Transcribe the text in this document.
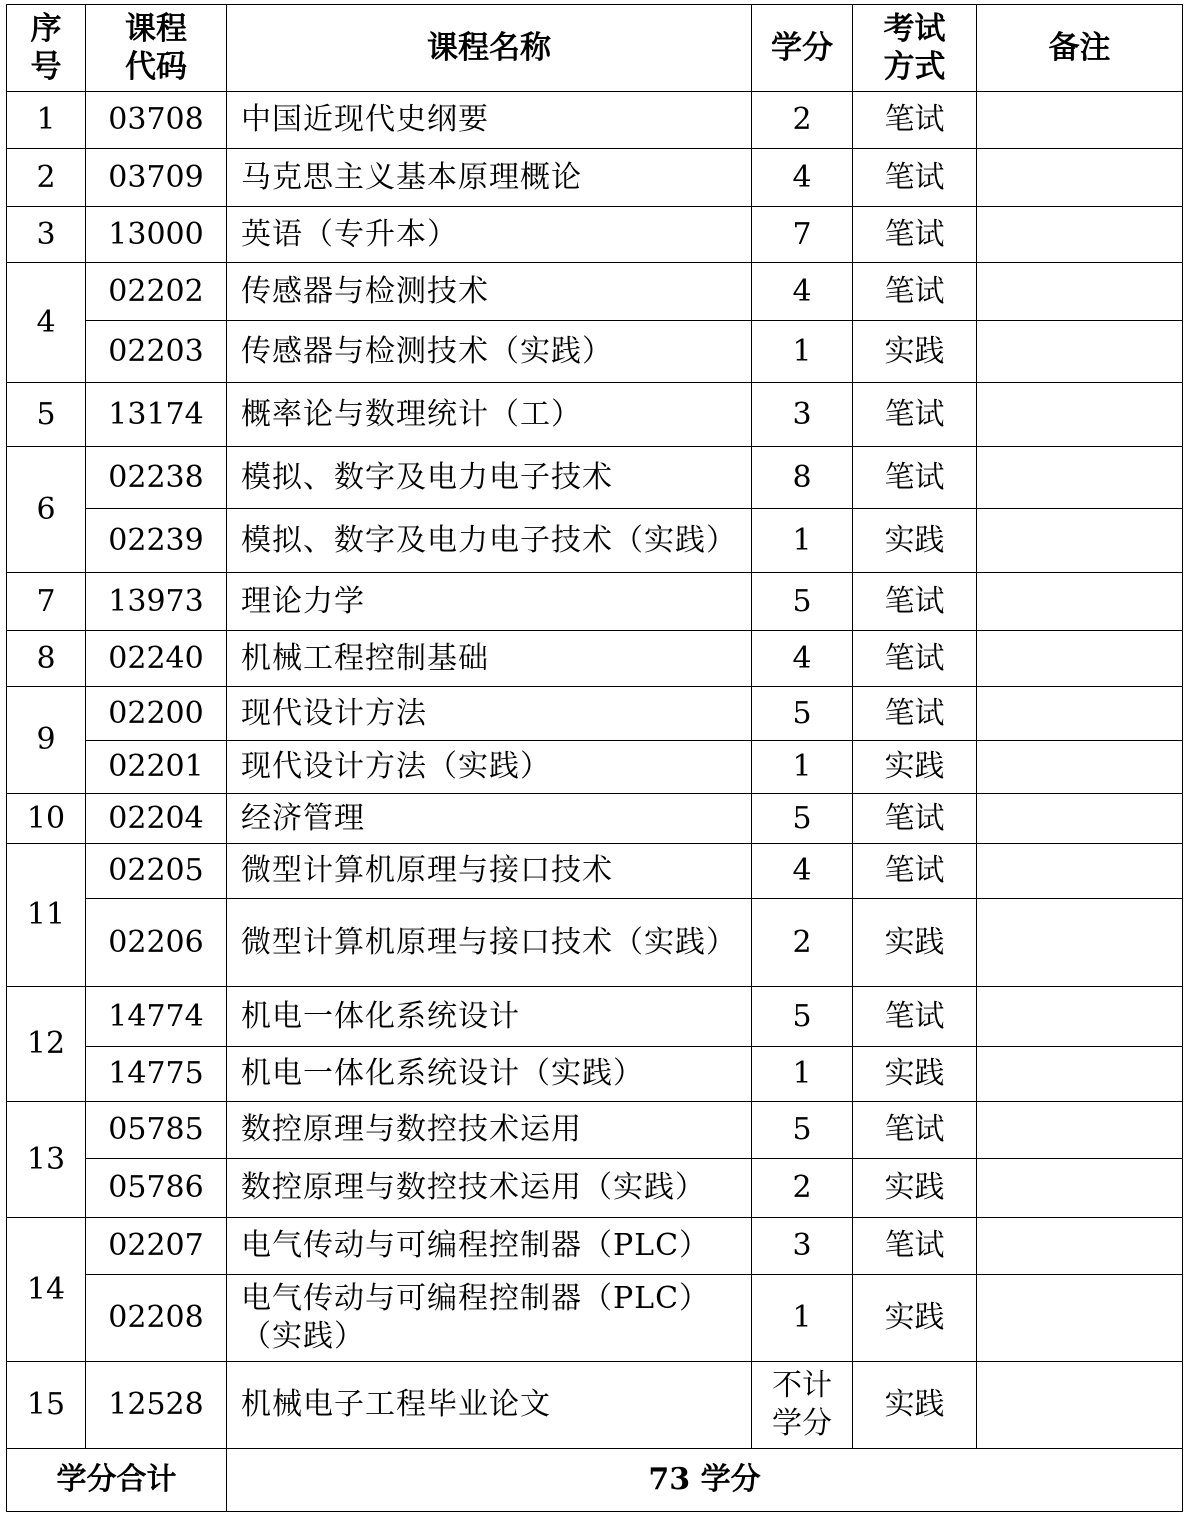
序号	课程代码	课程名称	学分	考试方式	备注
1	03708	中国近现代史纲要	2	笔试	
2	03709	马克思主义基本原理概论	4	笔试	
3	13000	英语（专升本）	7	笔试	
4	02202	传感器与检测技术	4	笔试	
	02203	传感器与检测技术（实践）	1	实践	
5	13174	概率论与数理统计（工）	3	笔试	
6	02238	模拟、数字及电力电子技术	8	笔试	
	02239	模拟、数字及电力电子技术（实践）	1	实践	
7	13973	理论力学	5	笔试	
8	02240	机械工程控制基础	4	笔试	
9	02200	现代设计方法	5	笔试	
	02201	现代设计方法（实践）	1	实践	
10	02204	经济管理	5	笔试	
11	02205	微型计算机原理与接口技术	4	笔试	
	02206	微型计算机原理与接口技术（实践）	2	实践	
12	14774	机电一体化系统设计	5	笔试	
	14775	机电一体化系统设计（实践）	1	实践	
13	05785	数控原理与数控技术运用	5	笔试	
	05786	数控原理与数控技术运用（实践）	2	实践	
14	02207	电气传动与可编程控制器（PLC）	3	笔试	
	02208	电气传动与可编程控制器（PLC）（实践）	1	实践	
15	12528	机械电子工程毕业论文	不计学分	实践	
学分合计		73 学分			
